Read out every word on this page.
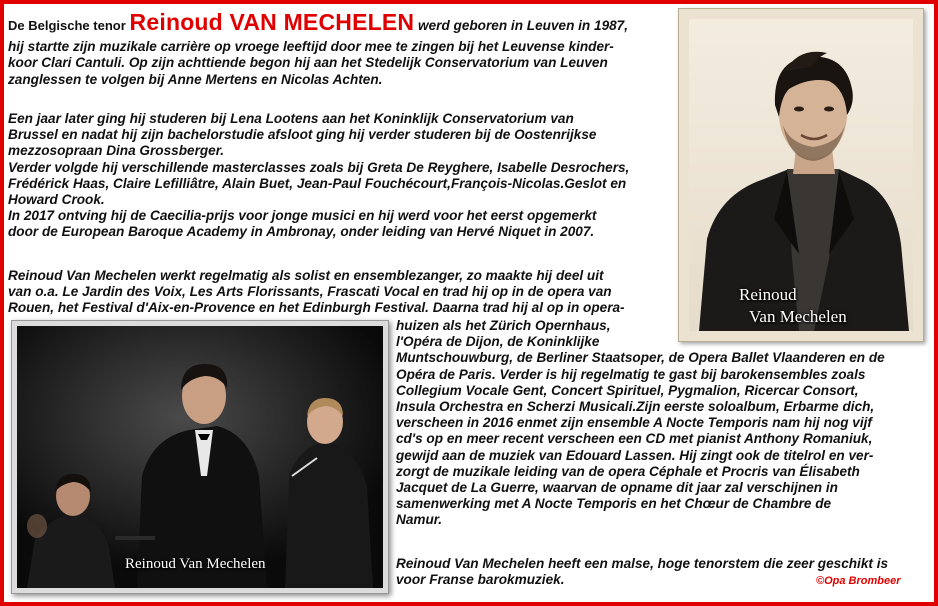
De Belgische tenor Reinoud VAN MECHELEN werd geboren in Leuven in 1987,

hij startte zijn muzikale carrière op vroege leeftijd door mee te zingen bij het Leuvense kinder-

koor Clari Cantuli. Op zijn achttiende begon hij aan het Stedelijk Conservatorium van Leuven

zanglessen te volgen bij Anne Mertens en Nicolas Achten.

Een jaar later ging hij studeren bij Lena Lootens aan het Koninklijk Conservatorium van

Brussel en nadat hij zijn bachelorstudie afsloot ging hij verder studeren bij de Oostenrijkse

mezzosopraan Dina Grossberger.

Verder volgde hij verschillende masterclasses zoals bij Greta De Reyghere, Isabelle Desrochers,

Frédérick Haas, Claire Lefilliâtre, Alain Buet, Jean-Paul Fouchécourt,François-Nicolas.Geslot en

Howard Crook.

In 2017 ontving hij de Caecilia-prijs voor jonge musici en hij werd voor het eerst opgemerkt

door de European Baroque Academy in Ambronay, onder leiding van Hervé Niquet in 2007.

Reinoud Van Mechelen werkt regelmatig als solist en ensemblezanger, zo maakte hij deel uit

van o.a. Le Jardin des Voix, Les Arts Florissants, Frascati Vocal en trad hij op in de opera van

Rouen, het Festival d'Aix-en-Provence en het Edinburgh Festival. Daarna trad hij al op in opera-

huizen als het Zürich Opernhaus,

l'Opéra de Dijon, de Koninklijke

Muntschouwburg, de Berliner Staatsoper, de Opera Ballet Vlaanderen en de

Opéra de Paris. Verder is hij regelmatig te gast bij barokensembles zoals

Collegium Vocale Gent, Concert Spirituel, Pygmalion, Ricercar Consort,

Insula Orchestra en Scherzi Musicali.Zijn eerste soloalbum, Erbarme dich,

verscheen in 2016 enmet zijn ensemble A Nocte Temporis nam hij nog vijf

cd's op en meer recent verscheen een CD met pianist Anthony Romaniuk,

gewijd aan de muziek van Edouard Lassen. Hij zingt ook de titelrol en ver-

zorgt de muzikale leiding van de opera Céphale et Procris van Élisabeth

Jacquet de La Guerre, waarvan de opname dit jaar zal verschijnen in

samenwerking met A Nocte Temporis en het Chœur de Chambre de

Namur.

Reinoud Van Mechelen heeft een malse, hoge tenorstem die zeer geschikt is

voor Franse barokmuziek.

Reinoud
Van Mechelen
Reinoud Van Mechelen
©Opa Brombeer
